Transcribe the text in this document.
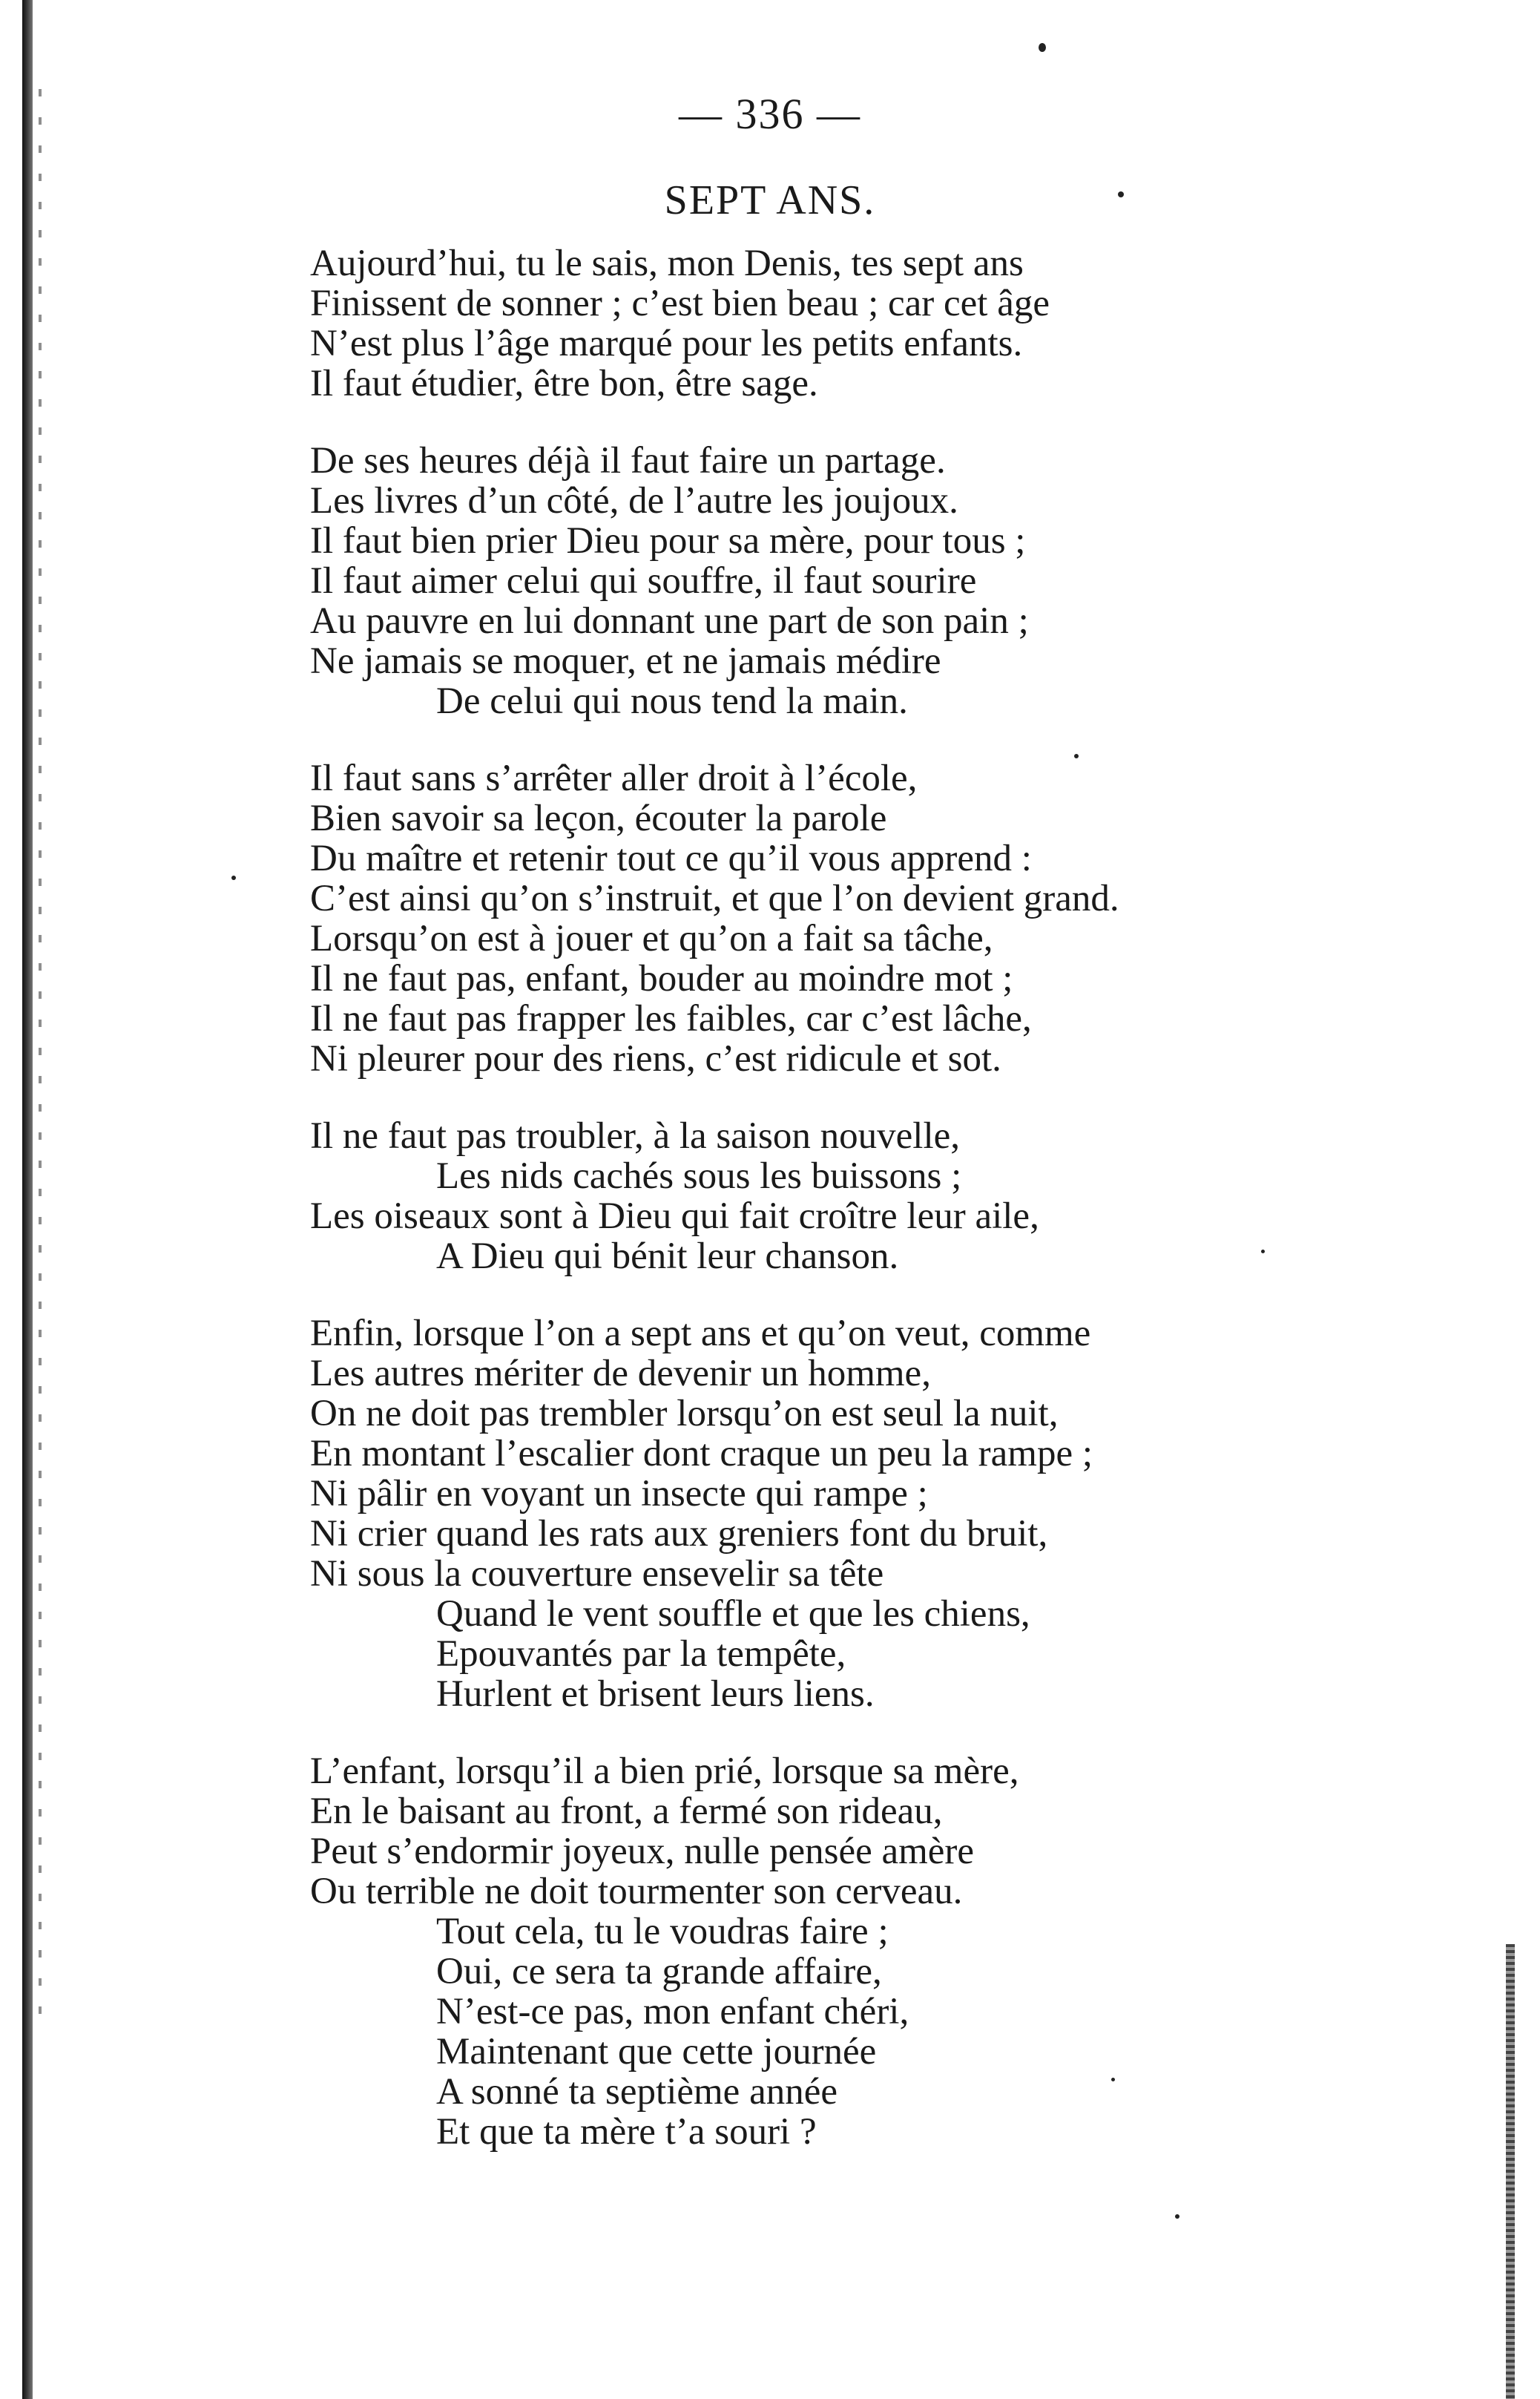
— 336 —
SEPT ANS.
Aujourd’hui, tu le sais, mon Denis, tes sept ans
Finissent de sonner ; c’est bien beau ; car cet âge
N’est plus l’âge marqué pour les petits enfants.
Il faut étudier, être bon, être sage.
De ses heures déjà il faut faire un partage.
Les livres d’un côté, de l’autre les joujoux.
Il faut bien prier Dieu pour sa mère, pour tous ;
Il faut aimer celui qui souffre, il faut sourire
Au pauvre en lui donnant une part de son pain ;
Ne jamais se moquer, et ne jamais médire
De celui qui nous tend la main.
Il faut sans s’arrêter aller droit à l’école,
Bien savoir sa leçon, écouter la parole
Du maître et retenir tout ce qu’il vous apprend :
C’est ainsi qu’on s’instruit, et que l’on devient grand.
Lorsqu’on est à jouer et qu’on a fait sa tâche,
Il ne faut pas, enfant, bouder au moindre mot ;
Il ne faut pas frapper les faibles, car c’est lâche,
Ni pleurer pour des riens, c’est ridicule et sot.
Il ne faut pas troubler, à la saison nouvelle,
Les nids cachés sous les buissons ;
Les oiseaux sont à Dieu qui fait croître leur aile,
A Dieu qui bénit leur chanson.
Enfin, lorsque l’on a sept ans et qu’on veut, comme
Les autres mériter de devenir un homme,
On ne doit pas trembler lorsqu’on est seul la nuit,
En montant l’escalier dont craque un peu la rampe ;
Ni pâlir en voyant un insecte qui rampe ;
Ni crier quand les rats aux greniers font du bruit,
Ni sous la couverture ensevelir sa tête
Quand le vent souffle et que les chiens,
Epouvantés par la tempête,
Hurlent et brisent leurs liens.
L’enfant, lorsqu’il a bien prié, lorsque sa mère,
En le baisant au front, a fermé son rideau,
Peut s’endormir joyeux, nulle pensée amère
Ou terrible ne doit tourmenter son cerveau.
Tout cela, tu le voudras faire ;
Oui, ce sera ta grande affaire,
N’est-ce pas, mon enfant chéri,
Maintenant que cette journée
A sonné ta septième année
Et que ta mère t’a souri ?
